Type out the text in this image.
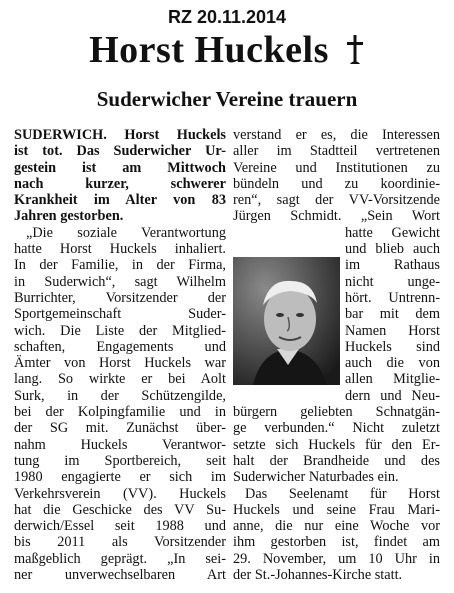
RZ 20.11.2014
Horst Huckels
Suderwicher Vereine trauern
SUDERWICH. Horst Huckels
ist tot. Das Suderwicher Ur-
gestein ist am Mittwoch
nach kurzer, schwerer
Krankheit im Alter von 83
Jahren gestorben.
„Die soziale Verantwortung
hatte Horst Huckels inhaliert.
In der Familie, in der Firma,
in Suderwich“, sagt Wilhelm
Burrichter, Vorsitzender der
Sportgemeinschaft Suder-
wich. Die Liste der Mitglied-
schaften, Engagements und
Ämter von Horst Huckels war
lang. So wirkte er bei Aolt
Surk, in der Schützengilde,
bei der Kolpingfamilie und in
der SG mit. Zunächst über-
nahm Huckels Verantwor-
tung im Sportbereich, seit
1980 engagierte er sich im
Verkehrsverein (VV). Huckels
hat die Geschicke des VV Su-
derwich/Essel seit 1988 und
bis 2011 als Vorsitzender
maßgeblich geprägt. „In sei-
ner unverwechselbaren Art
verstand er es, die Interessen
aller im Stadtteil vertretenen
Vereine und Institutionen zu
bündeln und zu koordinie-
ren“, sagt der VV-Vorsitzende
Jürgen Schmidt. „Sein Wort
hatte Gewicht
und blieb auch
im Rathaus
nicht unge-
hört. Untrenn-
bar mit dem
Namen Horst
Huckels sind
auch die von
allen Mitglie-
dern und Neu-
bürgern geliebten Schnatgän-
ge verbunden.“ Nicht zuletzt
setzte sich Huckels für den Er-
halt der Brandheide und des
Suderwicher Naturbades ein.
Das Seelenamt für Horst
Huckels und seine Frau Mari-
anne, die nur eine Woche vor
ihm gestorben ist, findet am
29. November, um 10 Uhr in
der St.-Johannes-Kirche statt.
